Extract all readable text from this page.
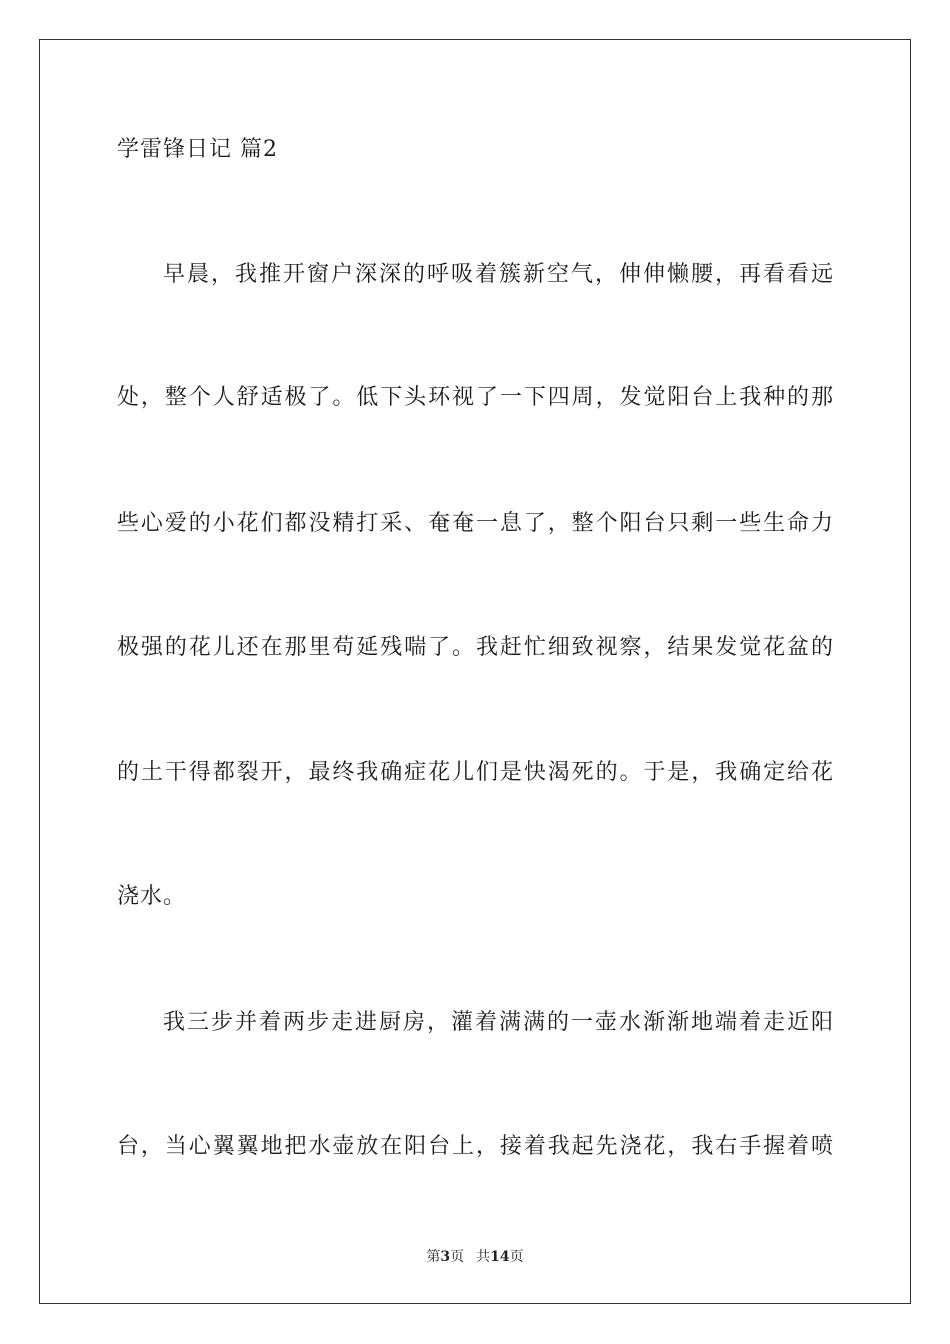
学雷锋日记 篇2
早晨，我推开窗户深深的呼吸着簇新空气，伸伸懒腰，再看看远
处，整个人舒适极了。低下头环视了一下四周，发觉阳台上我种的那
些心爱的小花们都没精打采、奄奄一息了，整个阳台只剩一些生命力
极强的花儿还在那里苟延残喘了。我赶忙细致视察，结果发觉花盆的
的土干得都裂开，最终我确症花儿们是快渴死的。于是，我确定给花
浇水。
我三步并着两步走进厨房，灌着满满的一壶水渐渐地端着走近阳
台，当心翼翼地把水壶放在阳台上，接着我起先浇花，我右手握着喷
第3页 共14页
